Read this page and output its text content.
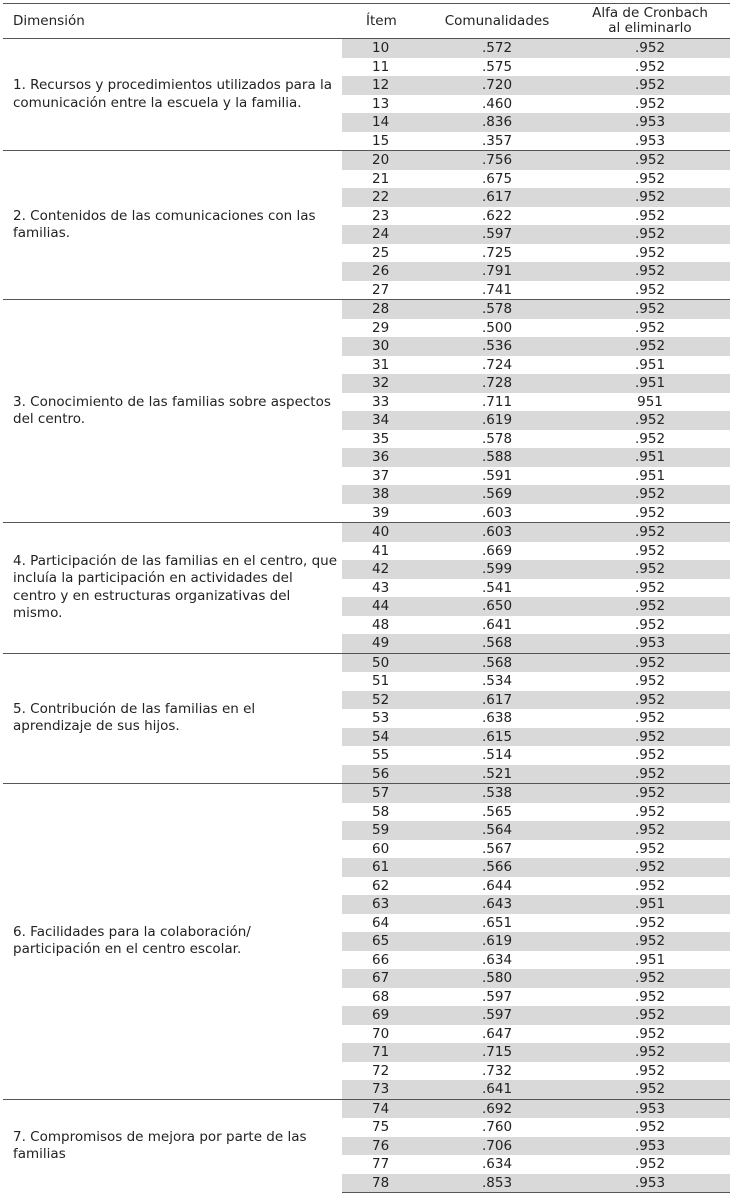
Dimensión	Ítem	Comunalidades	Alfa de Cronbach
al eliminarlo
1. Recursos y procedimientos utilizados para la comunicación entre la escuela y la familia.	10	.572	.952
	11	.575	.952
	12	.720	.952
	13	.460	.952
	14	.836	.953
	15	.357	.953
2. Contenidos de las comunicaciones con las familias.	20	.756	.952
	21	.675	.952
	22	.617	.952
	23	.622	.952
	24	.597	.952
	25	.725	.952
	26	.791	.952
	27	.741	.952
3. Conocimiento de las familias sobre aspectos del centro.	28	.578	.952
	29	.500	.952
	30	.536	.952
	31	.724	.951
	32	.728	.951
	33	.711	951
	34	.619	.952
	35	.578	.952
	36	.588	.951
	37	.591	.951
	38	.569	.952
	39	.603	.952
4. Participación de las familias en el centro, que incluía la participación en actividades del centro y en estructuras organizativas del mismo.	40	.603	.952
	41	.669	.952
	42	.599	.952
	43	.541	.952
	44	.650	.952
	48	.641	.952
	49	.568	.953
5. Contribución de las familias en el aprendizaje de sus hijos.	50	.568	.952
	51	.534	.952
	52	.617	.952
	53	.638	.952
	54	.615	.952
	55	.514	.952
	56	.521	.952
6. Facilidades para la colaboración/ participación en el centro escolar.	57	.538	.952
	58	.565	.952
	59	.564	.952
	60	.567	.952
	61	.566	.952
	62	.644	.952
	63	.643	.951
	64	.651	.952
	65	.619	.952
	66	.634	.951
	67	.580	.952
	68	.597	.952
	69	.597	.952
	70	.647	.952
	71	.715	.952
	72	.732	.952
	73	.641	.952
7. Compromisos de mejora por parte de las familias	74	.692	.953
	75	.760	.952
	76	.706	.953
	77	.634	.952
	78	.853	.953
